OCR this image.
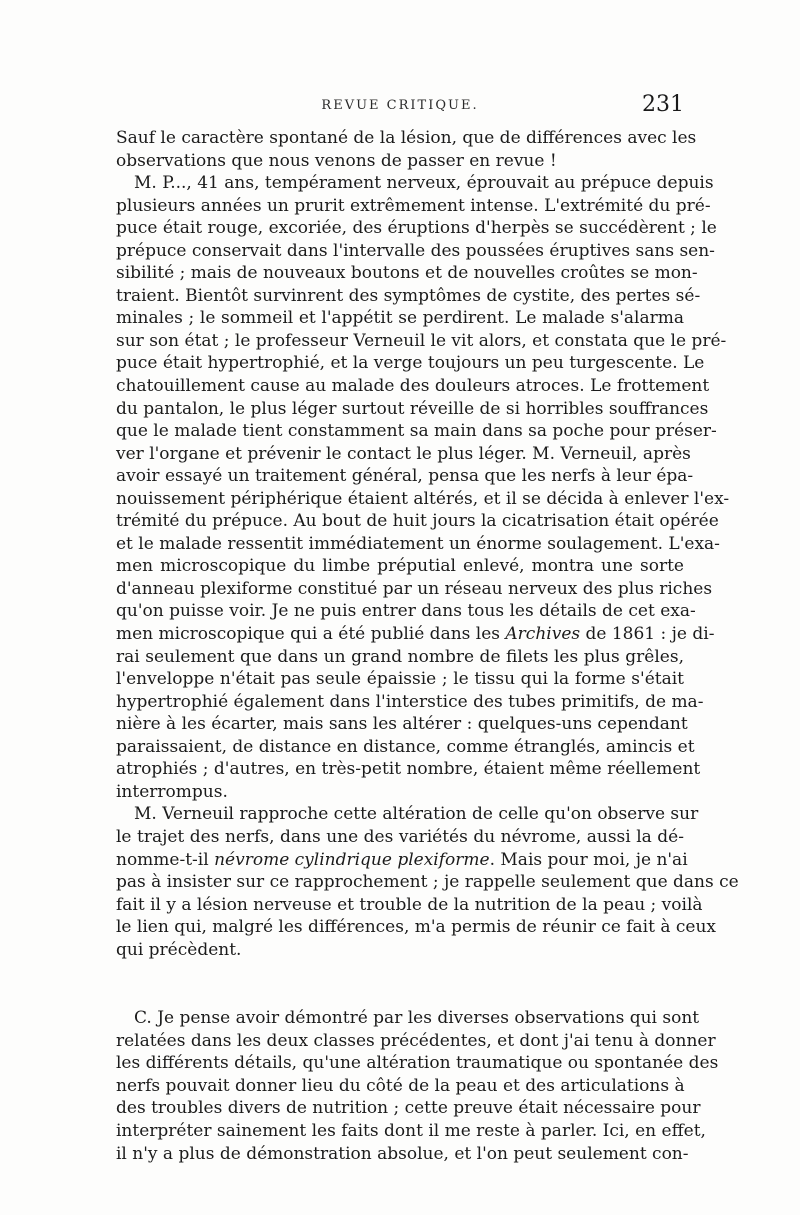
REVUE CRITIQUE.	231
Sauf le caractère spontané de la lésion, que de différences avec les
observations que nous venons de passer en revue !
M. P..., 41 ans, tempérament nerveux, éprouvait au prépuce depuis
plusieurs années un prurit extrêmement intense. L'extrémité du pré-
puce était rouge, excoriée, des éruptions d'herpès se succédèrent ; le
prépuce conservait dans l'intervalle des poussées éruptives sans sen-
sibilité ; mais de nouveaux boutons et de nouvelles croûtes se mon-
traient. Bientôt survinrent des symptômes de cystite, des pertes sé-
minales ; le sommeil et l'appétit se perdirent. Le malade s'alarma
sur son état ; le professeur Verneuil le vit alors, et constata que le pré-
puce était hypertrophié, et la verge toujours un peu turgescente. Le
chatouillement cause au malade des douleurs atroces. Le frottement
du pantalon, le plus léger surtout réveille de si horribles souffrances
que le malade tient constamment sa main dans sa poche pour préser-
ver l'organe et prévenir le contact le plus léger. M. Verneuil, après
avoir essayé un traitement général, pensa que les nerfs à leur épa-
nouissement périphérique étaient altérés, et il se décida à enlever l'ex-
trémité du prépuce. Au bout de huit jours la cicatrisation était opérée
et le malade ressentit immédiatement un énorme soulagement. L'exa-
men microscopique du limbe préputial enlevé, montra une sorte
d'anneau plexiforme constitué par un réseau nerveux des plus riches
qu'on puisse voir. Je ne puis entrer dans tous les détails de cet exa-
men microscopique qui a été publié dans les Archives de 1861 : je di-
rai seulement que dans un grand nombre de filets les plus grêles,
l'enveloppe n'était pas seule épaissie ; le tissu qui la forme s'était
hypertrophié également dans l'interstice des tubes primitifs, de ma-
nière à les écarter, mais sans les altérer : quelques-uns cependant
paraissaient, de distance en distance, comme étranglés, amincis et
atrophiés ; d'autres, en très-petit nombre, étaient même réellement
interrompus.
M. Verneuil rapproche cette altération de celle qu'on observe sur
le trajet des nerfs, dans une des variétés du névrome, aussi la dé-
nomme-t-il névrome cylindrique plexiforme. Mais pour moi, je n'ai
pas à insister sur ce rapprochement ; je rappelle seulement que dans ce
fait il y a lésion nerveuse et trouble de la nutrition de la peau ; voilà
le lien qui, malgré les différences, m'a permis de réunir ce fait à ceux
qui précèdent.
C. Je pense avoir démontré par les diverses observations qui sont
relatées dans les deux classes précédentes, et dont j'ai tenu à donner
les différents détails, qu'une altération traumatique ou spontanée des
nerfs pouvait donner lieu du côté de la peau et des articulations à
des troubles divers de nutrition ; cette preuve était nécessaire pour
interpréter sainement les faits dont il me reste à parler. Ici, en effet,
il n'y a plus de démonstration absolue, et l'on peut seulement con-
